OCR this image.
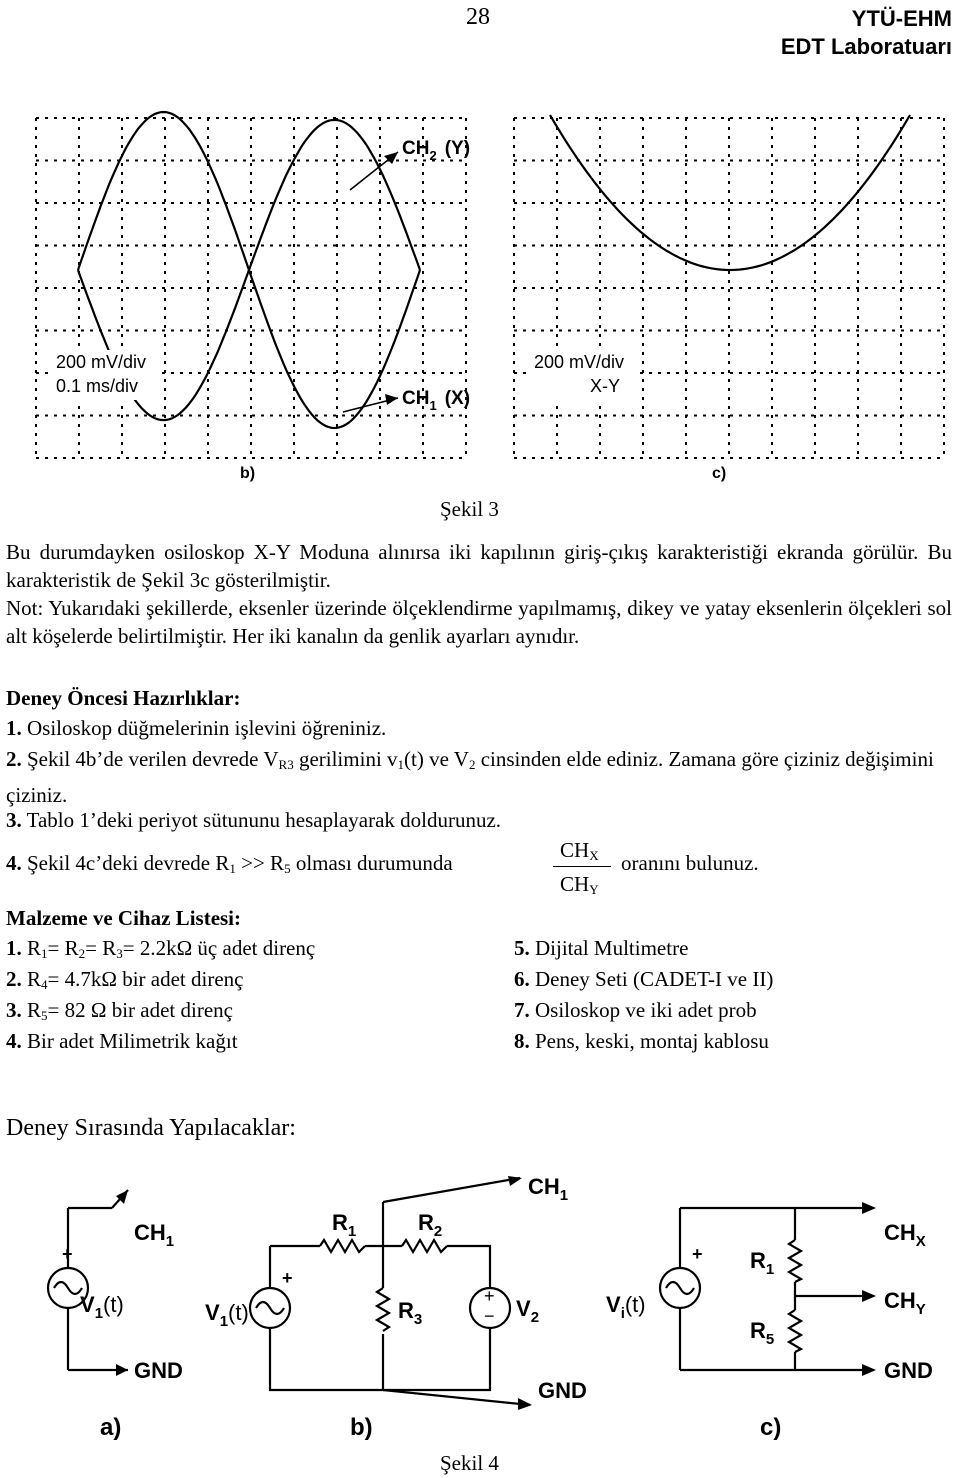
28	YTÜ-EHM
EDT Laboratuarı
$CH_2$ (Y)
$CH_1$ (X)
200 mV/div
0.1 ms/div
200 mV/div
X-Y
b)	c)
Şekil 3
Bu durumdayken osiloskop X-Y Moduna alınırsa iki kapılının giriş-çıkış karakteristiği ekranda görülür. Bu karakteristik de Şekil 3c gösterilmiştir.
Not: Yukarıdaki şekillerde, eksenler üzerinde ölçeklendirme yapılmamış, dikey ve yatay eksenlerin ölçekleri sol alt köşelerde belirtilmiştir. Her iki kanalın da genlik ayarları aynıdır.
Deney Öncesi Hazırlıklar:
1. Osiloskop düğmelerinin işlevini öğreniniz.
2. Şekil 4b’de verilen devrede $V_{R3}$ gerilimini $v_1(t)$ ve $V_2$ cinsinden elde ediniz. Zamana göre çiziniz değişimini çiziniz.
3. Tablo 1’deki periyot sütununu hesaplayarak doldurunuz.
4. Şekil 4c’deki devrede $R_1 >> R_5$ olması durumunda
$CH_X$
$CH_Y$
oranını bulunuz.
Malzeme ve Cihaz Listesi:
1. $R_1= R_2= R_3= 2.2k\Omega$ üç adet direnç
2. $R_4= 4.7k\Omega$ bir adet direnç
3. $R_5= 82$ Ω bir adet direnç
4. Bir adet Milimetrik kağıt
5. Dijital Multimetre
6. Deney Seti (CADET-I ve II)
7. Osiloskop ve iki adet prob
8. Pens, keski, montaj kablosu
Deney Sırasında Yapılacaklar:
$CH_1$
+
$V_1(t)$
GND
a)
$CH_1$
$R_1$	$R_2$
$R_3$
+
$V_1(t)$
+
− $V_2$
GND
b)
$CH_X$
$CH_Y$
GND
$R_1$
$R_5$
+
$V_i(t)$
c)
Şekil 4
